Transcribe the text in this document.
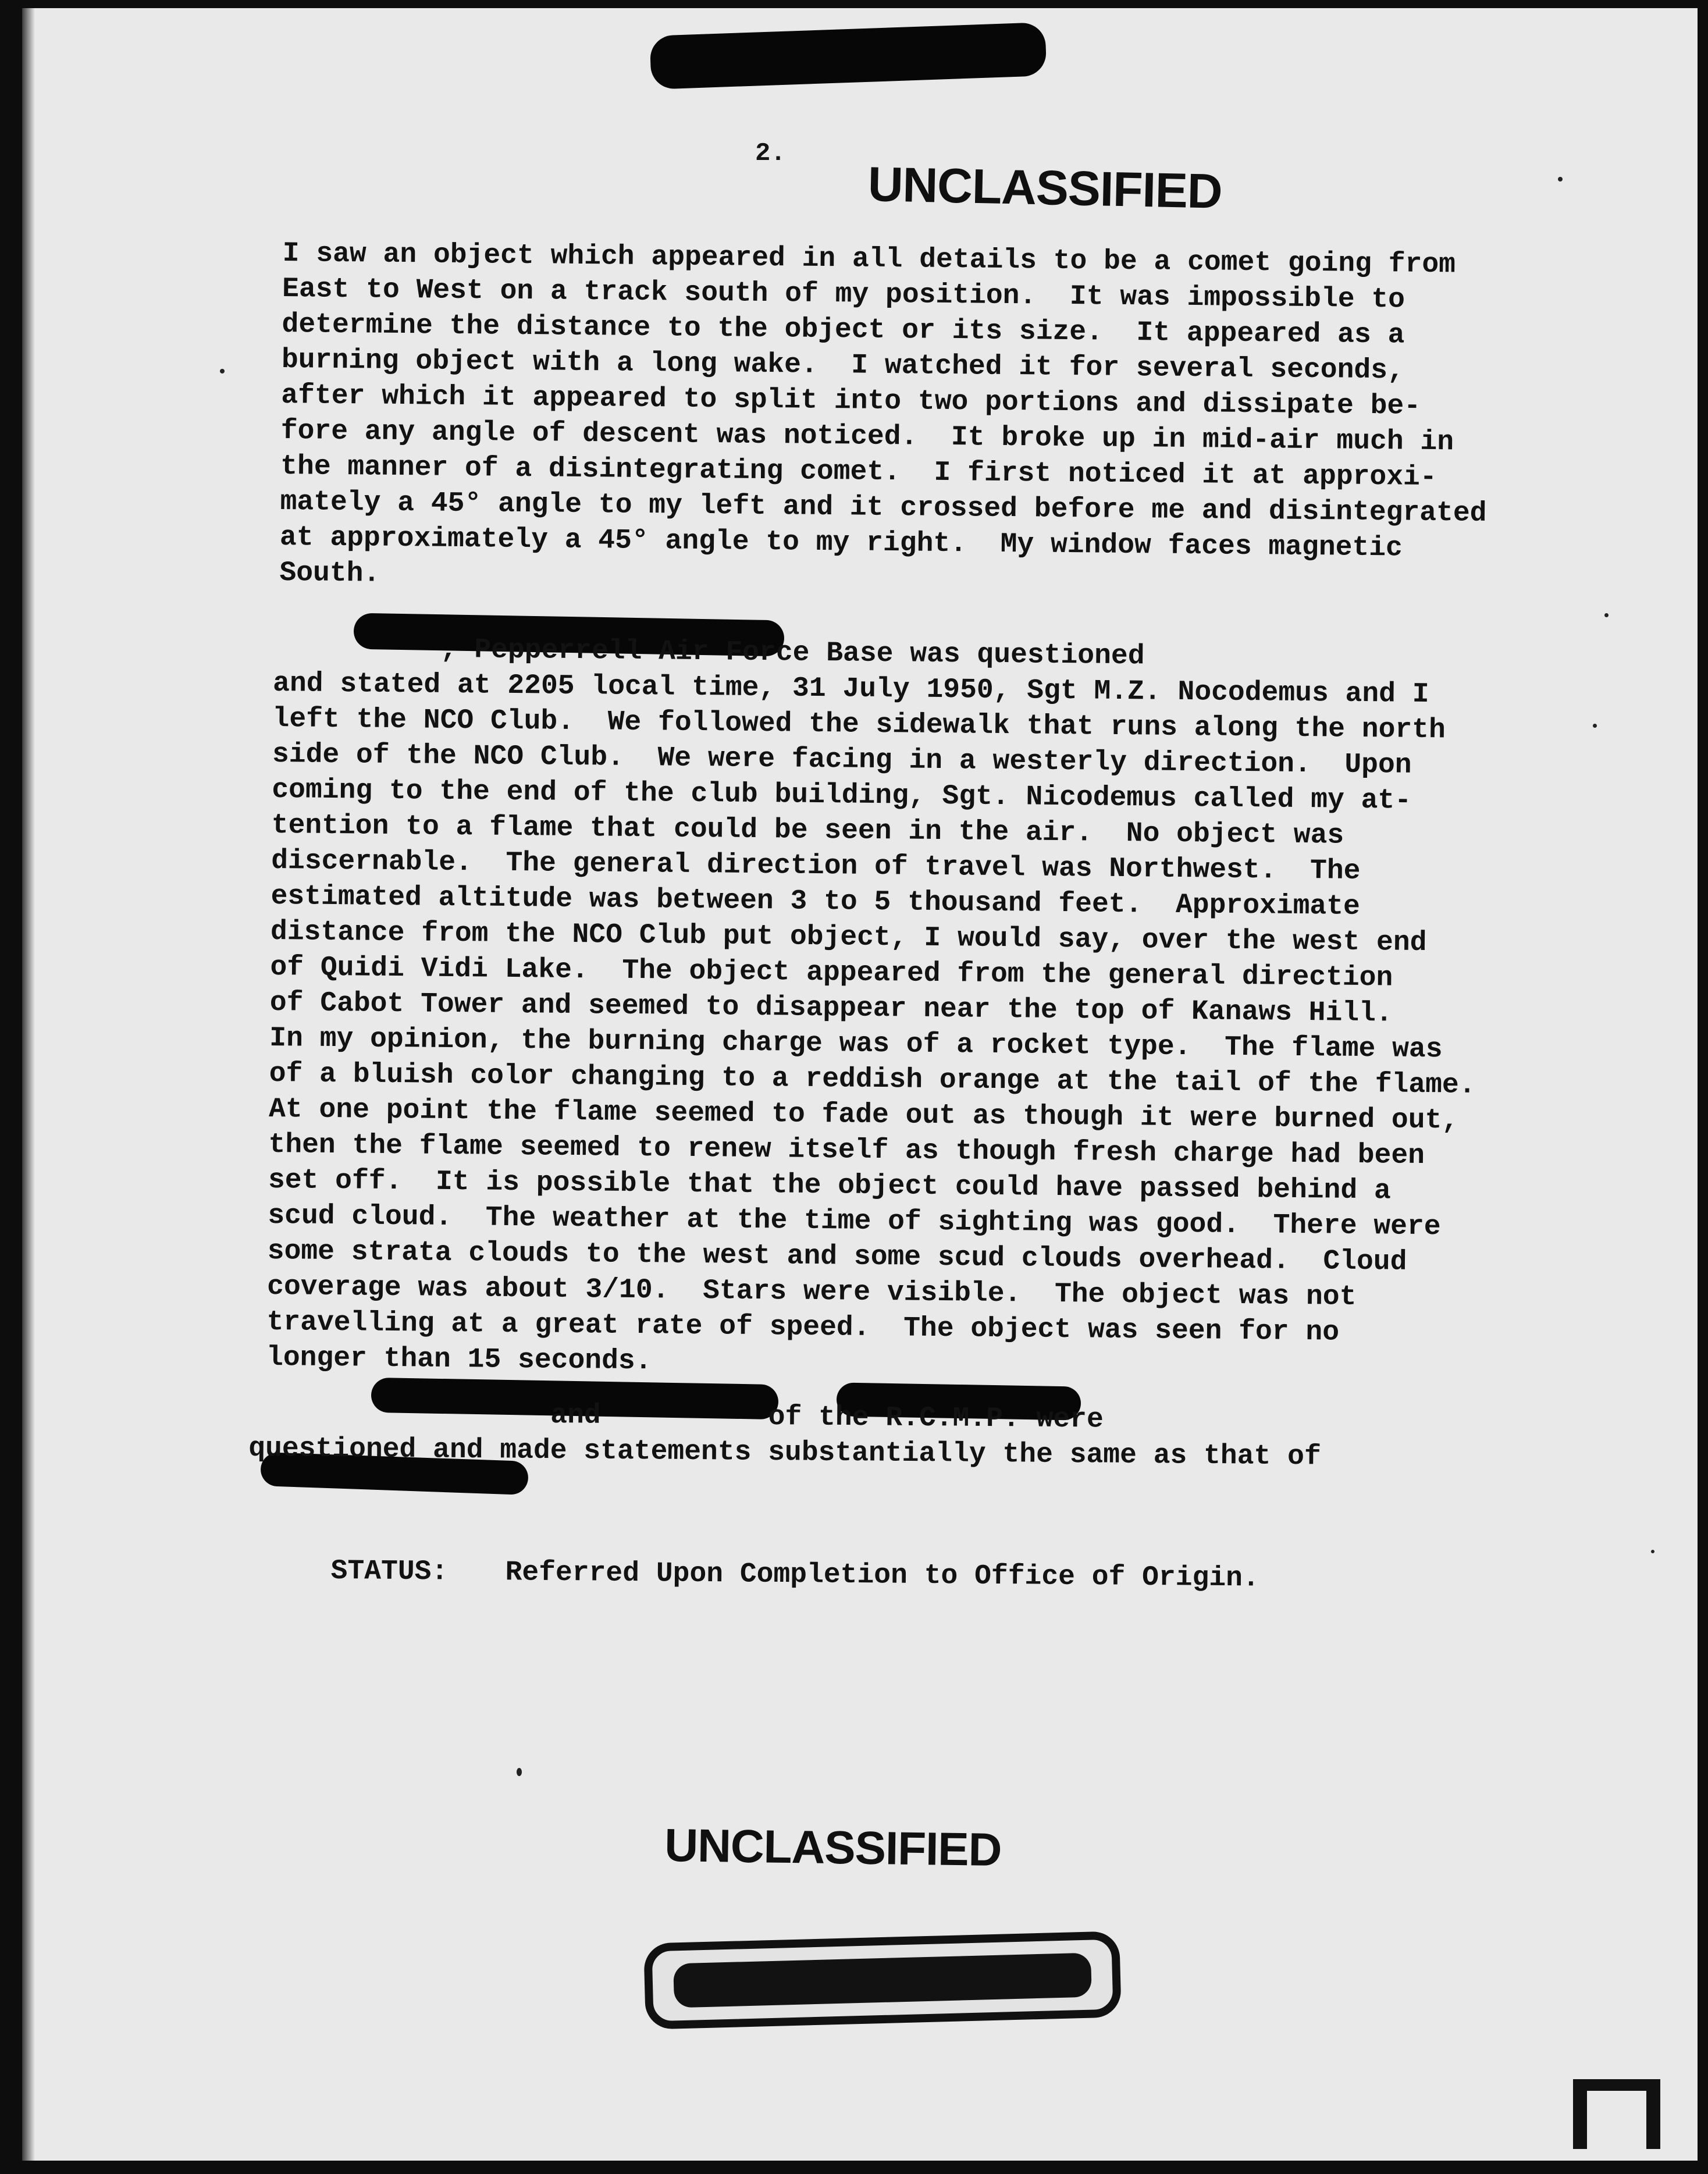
2.
UNCLASSIFIED
I saw an object which appeared in all details to be a comet going from
East to West on a track south of my position.  It was impossible to
determine the distance to the object or its size.  It appeared as a
burning object with a long wake.  I watched it for several seconds,
after which it appeared to split into two portions and dissipate be-
fore any angle of descent was noticed.  It broke up in mid-air much in
the manner of a disintegrating comet.  I first noticed it at approxi-
mately a 45° angle to my left and it crossed before me and disintegrated
at approximately a 45° angle to my right.  My window faces magnetic
South.
, Pepperrell Air Force Base was questioned
and stated at 2205 local time, 31 July 1950, Sgt M.Z. Nocodemus and I
left the NCO Club.  We followed the sidewalk that runs along the north
side of the NCO Club.  We were facing in a westerly direction.  Upon
coming to the end of the club building, Sgt. Nicodemus called my at-
tention to a flame that could be seen in the air.  No object was
discernable.  The general direction of travel was Northwest.  The
estimated altitude was between 3 to 5 thousand feet.  Approximate
distance from the NCO Club put object, I would say, over the west end
of Quidi Vidi Lake.  The object appeared from the general direction
of Cabot Tower and seemed to disappear near the top of Kanaws Hill.
In my opinion, the burning charge was of a rocket type.  The flame was
of a bluish color changing to a reddish orange at the tail of the flame.
At one point the flame seemed to fade out as though it were burned out,
then the flame seemed to renew itself as though fresh charge had been
set off.  It is possible that the object could have passed behind a
scud cloud.  The weather at the time of sighting was good.  There were
some strata clouds to the west and some scud clouds overhead.  Cloud
coverage was about 3/10.  Stars were visible.  The object was not
travelling at a great rate of speed.  The object was seen for no
longer than 15 seconds.
and          of the R.C.M.P. were
questioned and made statements substantially the same as that of

STATUS: Referred Upon Completion to Office of Origin.

UNCLASSIFIED
